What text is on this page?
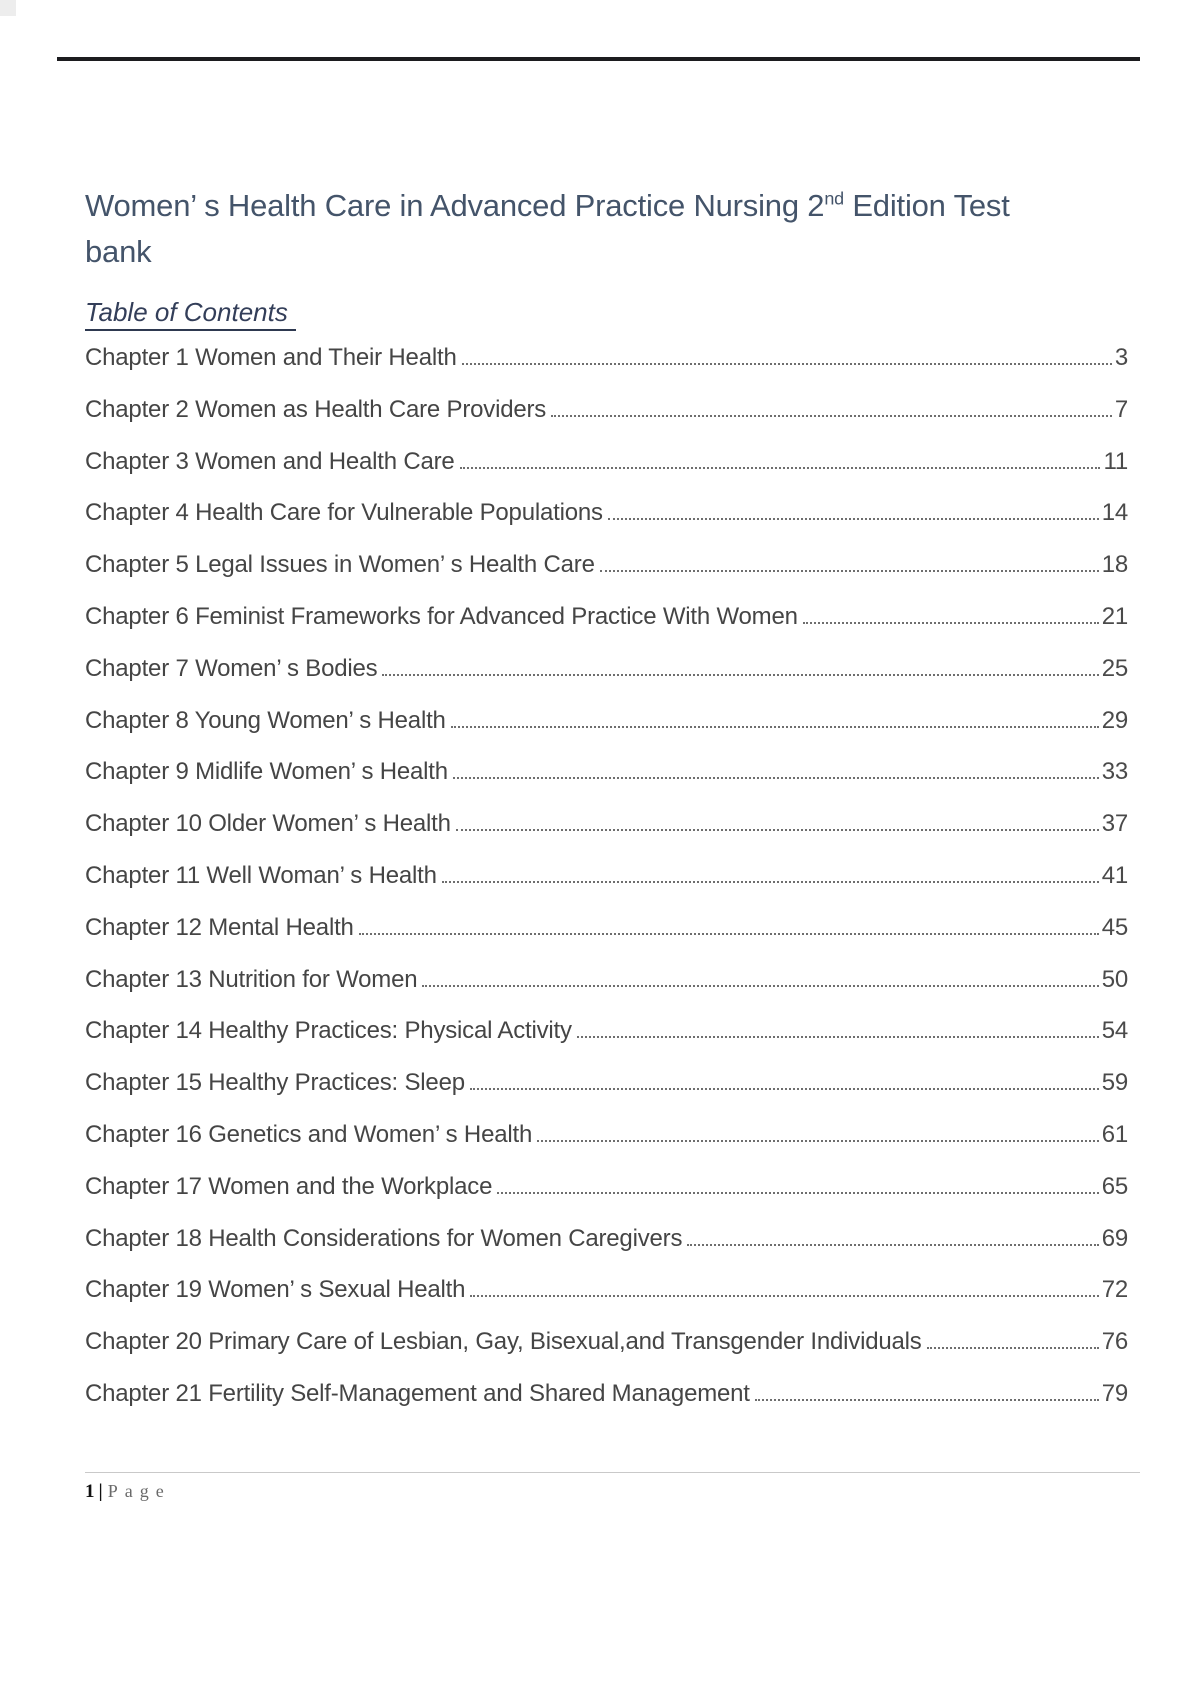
Women’ s Health Care in Advanced Practice Nursing 2nd Edition Test
bank
Table of Contents
Chapter 1 Women and Their Health	3
Chapter 2 Women as Health Care Providers	7
Chapter 3 Women and Health Care	11
Chapter 4 Health Care for Vulnerable Populations	14
Chapter 5 Legal Issues in Women’ s Health Care	18
Chapter 6 Feminist Frameworks for Advanced Practice With Women	21
Chapter 7 Women’ s Bodies	25
Chapter 8 Young Women’ s Health	29
Chapter 9 Midlife Women’ s Health	33
Chapter 10 Older Women’ s Health	37
Chapter 11 Well Woman’ s Health	41
Chapter 12 Mental Health	45
Chapter 13 Nutrition for Women	50
Chapter 14 Healthy Practices: Physical Activity	54
Chapter 15 Healthy Practices: Sleep	59
Chapter 16 Genetics and Women’ s Health	61
Chapter 17 Women and the Workplace	65
Chapter 18 Health Considerations for Women Caregivers	69
Chapter 19 Women’ s Sexual Health	72
Chapter 20 Primary Care of Lesbian, Gay, Bisexual,and Transgender Individuals	76
Chapter 21 Fertility Self-Management and Shared Management	79
1 | Page
